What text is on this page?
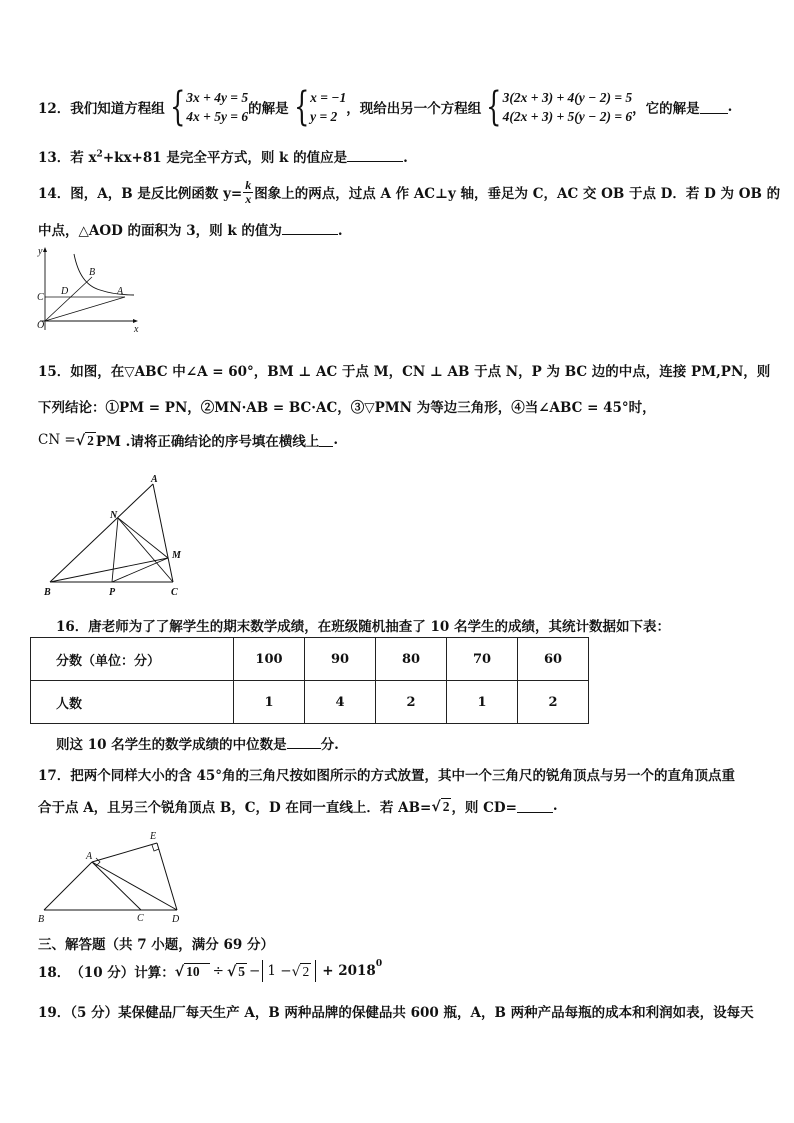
12． 我们知道方程组 { 3x + 4y = 5
4x + 5y = 6 的解是 { x = −1
y = 2 ，现给出另一个方程组 { 3(2x + 3) + 4(y − 2) = 5
4(2x + 3) + 5(y − 2) = 6 ，它的解是 .
13．若 $x^2+kx+81$ 是完全平方式，则 k 的值应是	.
14． 图，A，B 是反比例函数 $y= \frac{k}{x}$ 图象上的两点，过点 A 作 AC⊥y 轴，垂足为 C，AC 交 OB 于点 D．若 D 为 OB 的
中点，△AOD 的面积为 3，则 k 的值为	.
y
x
O
C
D
B
A
15．如图，在▽ABC 中∠A = 60°，BM ⊥ AC 于点 M，CN ⊥ AB 于点 N，P 为 BC 边的中点，连接 PM,PN，则
下列结论：①PM = PN，②MN·AB = BC·AC，③▽PMN 为等边三角形，④当∠ABC = 45°时，
CN = √ 2 PM .请将正确结论的序号填在横线上 .
A
N
M
B	P	C
16．唐老师为了了解学生的期末数学成绩，在班级随机抽查了 10 名学生的成绩，其统计数据如下表：
分数（单位：分）	100	90	80	70	60
人数	1	4	2	1	2
则这 10 名学生的数学成绩的中位数是	分.
17．把两个同样大小的含 45°角的三角尺按如图所示的方式放置，其中一个三角尺的锐角顶点与另一个的直角顶点重
合于点 A，且另三个锐角顶点 B，C，D 在同一直线上．若 AB= √ 2 ，则 CD=	.
E
A
B	C	D
三、解答题（共 7 小题，满分 69 分）
18． （10 分）计算： √ 10 ÷ √ 5 − 1 − √ $2 + 2018^0$
19．（5 分）某保健品厂每天生产 A，B 两种品牌的保健品共 600 瓶，A，B 两种产品每瓶的成本和利润如表，设每天
